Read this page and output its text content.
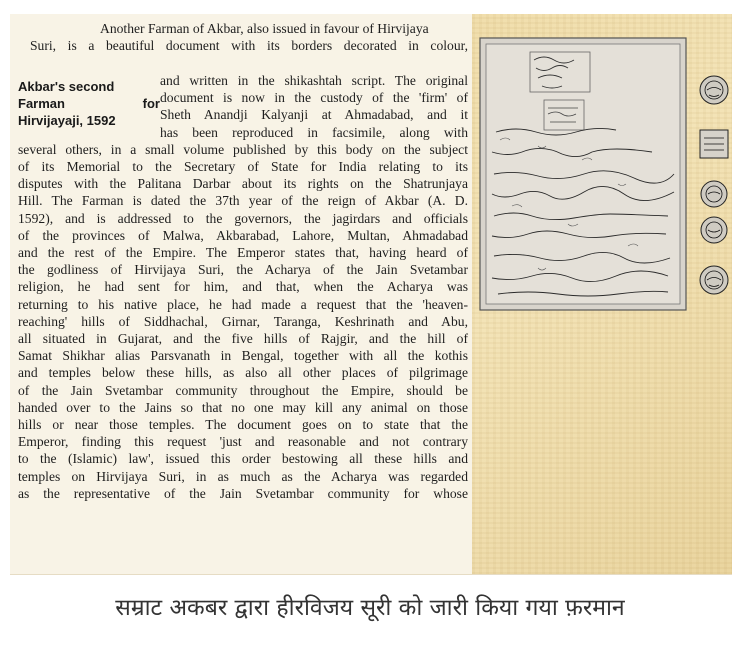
Another Farman of Akbar, also issued in favour of Hirvijaya
Suri, is a beautiful document with its borders decorated in colour,
Akbar's second
Farman	for
Hirvijayaji, 1592
and written in the shikashtah script. The original
document is now in the custody of the 'firm' of
Sheth Anandji Kalyanji at Ahmadabad, and it
has been reproduced in facsimile, along with
several others, in a small volume published by this body on the subject
of its Memorial to the Secretary of State for India relating to its
disputes with the Palitana Darbar about its rights on the Shatrunjaya
Hill. The Farman is dated the 37th year of the reign of Akbar (A. D.
1592), and is addressed to the governors, the jagirdars and officials
of the provinces of Malwa, Akbarabad, Lahore, Multan, Ahmadabad
and the rest of the Empire. The Emperor states that, having heard of
the godliness of Hirvijaya Suri, the Acharya of the Jain Svetambar
religion, he had sent for him, and that, when the Acharya was
returning to his native place, he had made a request that the 'heaven-
reaching' hills of Siddhachal, Girnar, Taranga, Keshrinath and Abu,
all situated in Gujarat, and the five hills of Rajgir, and the hill of
Samat Shikhar alias Parsvanath in Bengal, together with all the kothis
and temples below these hills, as also all other places of pilgrimage
of the Jain Svetambar community throughout the Empire, should be
handed over to the Jains so that no one may kill any animal on those
hills or near those temples. The document goes on to state that the
Emperor, finding this request 'just and reasonable and not contrary
to the (Islamic) law', issued this order bestowing all these hills and
temples on Hirvijaya Suri, in as much as the Acharya was regarded
as the representative of the Jain Svetambar community for whose
सम्राट अकबर द्वारा हीरविजय सूरी को जारी किया गया फ़रमान
